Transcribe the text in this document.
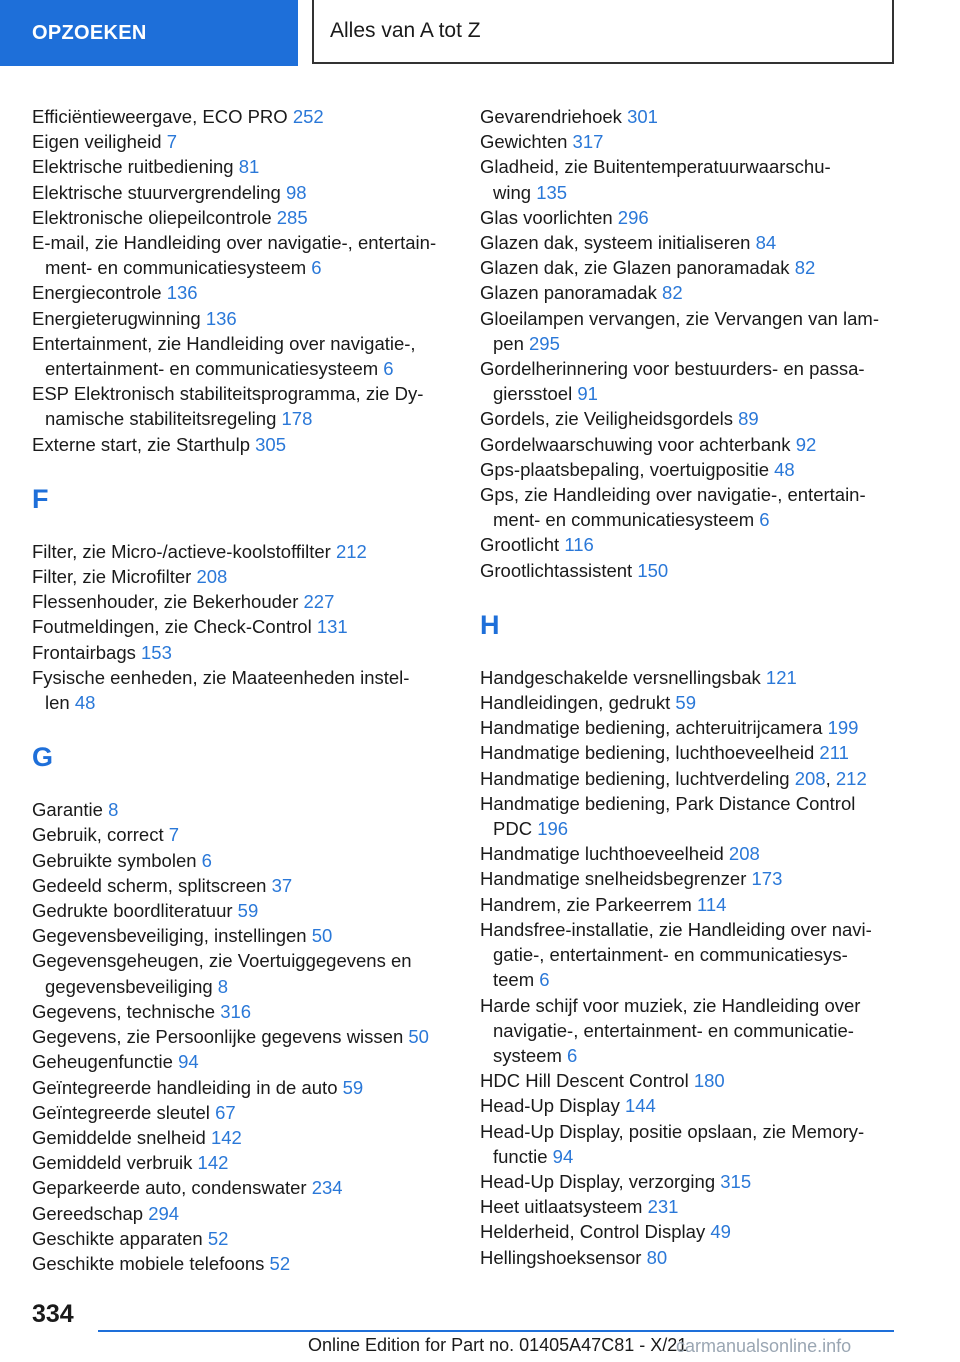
OPZOEKEN	Alles van A tot Z
Efficiëntieweergave, ECO PRO 252
Eigen veiligheid 7
Elektrische ruitbediening 81
Elektrische stuurvergrendeling 98
Elektronische oliepeilcontrole 285
E-mail, zie Handleiding over navigatie-, entertain-
ment- en communicatiesysteem 6
Energiecontrole 136
Energieterugwinning 136
Entertainment, zie Handleiding over navigatie-,
entertainment- en communicatiesysteem 6
ESP Elektronisch stabiliteitsprogramma, zie Dy-
namische stabiliteitsregeling 178
Externe start, zie Starthulp 305
F
Filter, zie Micro-/actieve-koolstoffilter 212
Filter, zie Microfilter 208
Flessenhouder, zie Bekerhouder 227
Foutmeldingen, zie Check-Control 131
Frontairbags 153
Fysische eenheden, zie Maateenheden instel-
len 48
G
Garantie 8
Gebruik, correct 7
Gebruikte symbolen 6
Gedeeld scherm, splitscreen 37
Gedrukte boordliteratuur 59
Gegevensbeveiliging, instellingen 50
Gegevensgeheugen, zie Voertuiggegevens en
gegevensbeveiliging 8
Gegevens, technische 316
Gegevens, zie Persoonlijke gegevens wissen 50
Geheugenfunctie 94
Geïntegreerde handleiding in de auto 59
Geïntegreerde sleutel 67
Gemiddelde snelheid 142
Gemiddeld verbruik 142
Geparkeerde auto, condenswater 234
Gereedschap 294
Geschikte apparaten 52
Geschikte mobiele telefoons 52
Gevarendriehoek 301
Gewichten 317
Gladheid, zie Buitentemperatuurwaarschu-
wing 135
Glas voorlichten 296
Glazen dak, systeem initialiseren 84
Glazen dak, zie Glazen panoramadak 82
Glazen panoramadak 82
Gloeilampen vervangen, zie Vervangen van lam-
pen 295
Gordelherinnering voor bestuurders- en passa-
giersstoel 91
Gordels, zie Veiligheidsgordels 89
Gordelwaarschuwing voor achterbank 92
Gps-plaatsbepaling, voertuigpositie 48
Gps, zie Handleiding over navigatie-, entertain-
ment- en communicatiesysteem 6
Grootlicht 116
Grootlichtassistent 150
H
Handgeschakelde versnellingsbak 121
Handleidingen, gedrukt 59
Handmatige bediening, achteruitrijcamera 199
Handmatige bediening, luchthoeveelheid 211
Handmatige bediening, luchtverdeling 208, 212
Handmatige bediening, Park Distance Control
PDC 196
Handmatige luchthoeveelheid 208
Handmatige snelheidsbegrenzer 173
Handrem, zie Parkeerrem 114
Handsfree-installatie, zie Handleiding over navi-
gatie-, entertainment- en communicatiesys-
teem 6
Harde schijf voor muziek, zie Handleiding over
navigatie-, entertainment- en communicatie-
systeem 6
HDC Hill Descent Control 180
Head-Up Display 144
Head-Up Display, positie opslaan, zie Memory-
functie 94
Head-Up Display, verzorging 315
Heet uitlaatsysteem 231
Helderheid, Control Display 49
Hellingshoeksensor 80
334
Online Edition for Part no. 01405A47C81 - X/21
carmanualsonline.info
